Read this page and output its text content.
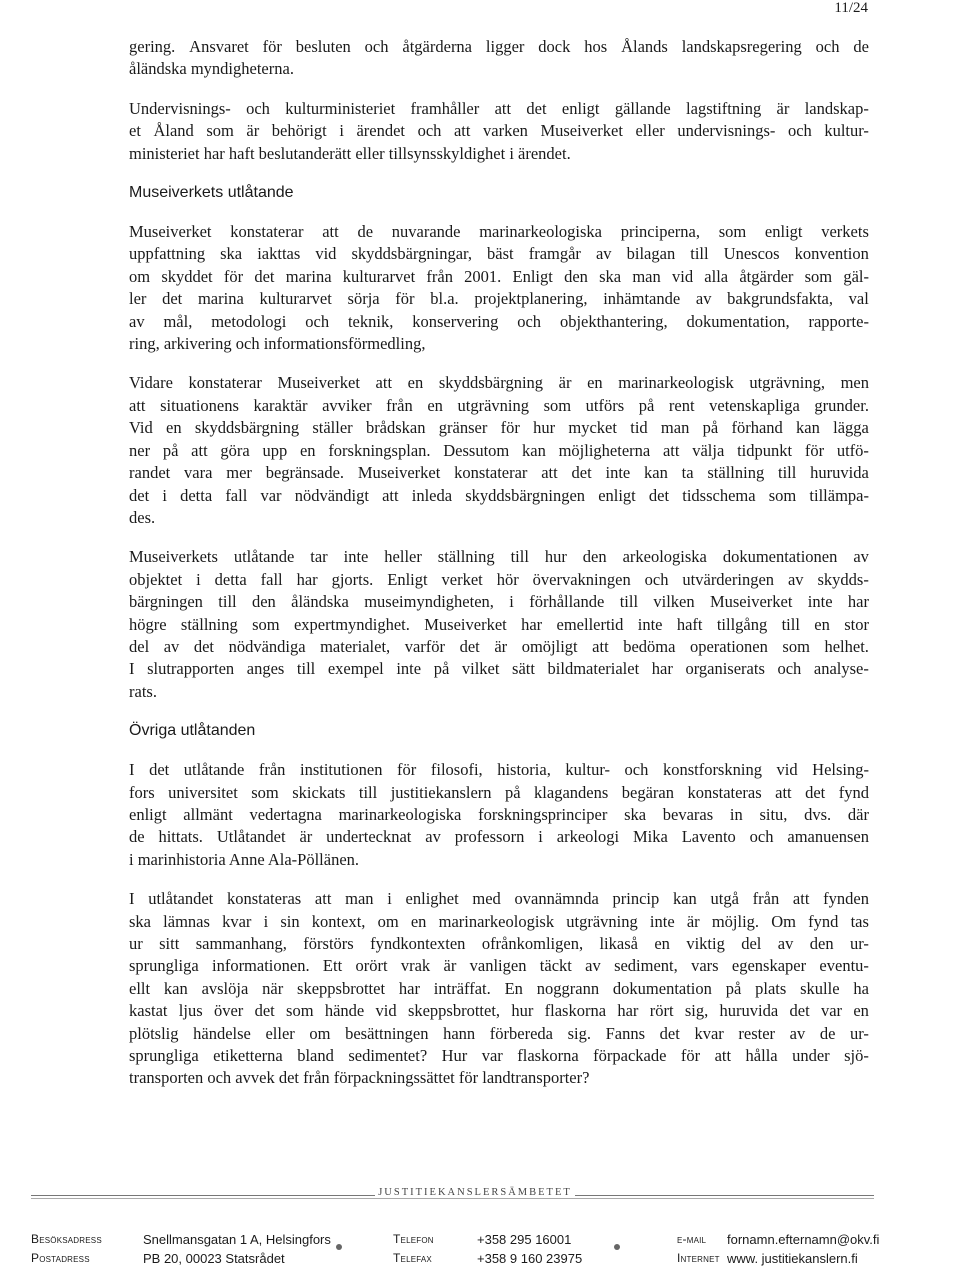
11/24
gering. Ansvaret för besluten och åtgärderna ligger dock hos Ålands landskapsregering och de
åländska myndigheterna.
Undervisnings- och kulturministeriet framhåller att det enligt gällande lagstiftning är landskap-
et Åland som är behörigt i ärendet och att varken Museiverket eller undervisnings- och kultur-
ministeriet har haft beslutanderätt eller tillsynsskyldighet i ärendet.
Museiverkets utlåtande
Museiverket konstaterar att de nuvarande marinarkeologiska principerna, som enligt verkets
uppfattning ska iakttas vid skyddsbärgningar, bäst framgår av bilagan till Unescos konvention
om skyddet för det marina kulturarvet från 2001. Enligt den ska man vid alla åtgärder som gäl-
ler det marina kulturarvet sörja för bl.a. projektplanering, inhämtande av bakgrundsfakta, val
av mål, metodologi och teknik, konservering och objekthantering, dokumentation, rapporte-
ring, arkivering och informationsförmedling,
Vidare konstaterar Museiverket att en skyddsbärgning är en marinarkeologisk utgrävning, men
att situationens karaktär avviker från en utgrävning som utförs på rent vetenskapliga grunder.
Vid en skyddsbärgning ställer brådskan gränser för hur mycket tid man på förhand kan lägga
ner på att göra upp en forskningsplan. Dessutom kan möjligheterna att välja tidpunkt för utfö-
randet vara mer begränsade. Museiverket konstaterar att det inte kan ta ställning till huruvida
det i detta fall var nödvändigt att inleda skyddsbärgningen enligt det tidsschema som tillämpa-
des.
Museiverkets utlåtande tar inte heller ställning till hur den arkeologiska dokumentationen av
objektet i detta fall har gjorts. Enligt verket hör övervakningen och utvärderingen av skydds-
bärgningen till den åländska museimyndigheten, i förhållande till vilken Museiverket inte har
högre ställning som expertmyndighet. Museiverket har emellertid inte haft tillgång till en stor
del av det nödvändiga materialet, varför det är omöjligt att bedöma operationen som helhet.
I slutrapporten anges till exempel inte på vilket sätt bildmaterialet har organiserats och analyse-
rats.
Övriga utlåtanden
I det utlåtande från institutionen för filosofi, historia, kultur- och konstforskning vid Helsing-
fors universitet som skickats till justitiekanslern på klagandens begäran konstateras att det fynd
enligt allmänt vedertagna marinarkeologiska forskningsprinciper ska bevaras in situ, dvs. där
de hittats. Utlåtandet är undertecknat av professorn i arkeologi Mika Lavento och amanuensen
i marinhistoria Anne Ala-Pöllänen.
I utlåtandet konstateras att man i enlighet med ovannämnda princip kan utgå från att fynden
ska lämnas kvar i sin kontext, om en marinarkeologisk utgrävning inte är möjlig. Om fynd tas
ur sitt sammanhang, förstörs fyndkontexten ofrånkomligen, likaså en viktig del av den ur-
sprungliga informationen. Ett orört vrak är vanligen täckt av sediment, vars egenskaper eventu-
ellt kan avslöja när skeppsbrottet har inträffat. En noggrann dokumentation på plats skulle ha
kastat ljus över det som hände vid skeppsbrottet, hur flaskorna har rört sig, huruvida det var en
plötslig händelse eller om besättningen hann förbereda sig. Fanns det kvar rester av de ur-
sprungliga etiketterna bland sedimentet? Hur var flaskorna förpackade för att hålla under sjö-
transporten och avvek det från förpackningssättet för landtransporter?
JUSTITIEKANSLERSÄMBETET
Besöksadress	Snellmansgatan 1 A, Helsingfors	Telefon	+358 295 16001	e-mail fornamn.efternamn@okv.fi
Postadress	PB 20, 00023 Statsrådet	Telefax	+358 9 160 23975	Internet www. justitiekanslern.fi
